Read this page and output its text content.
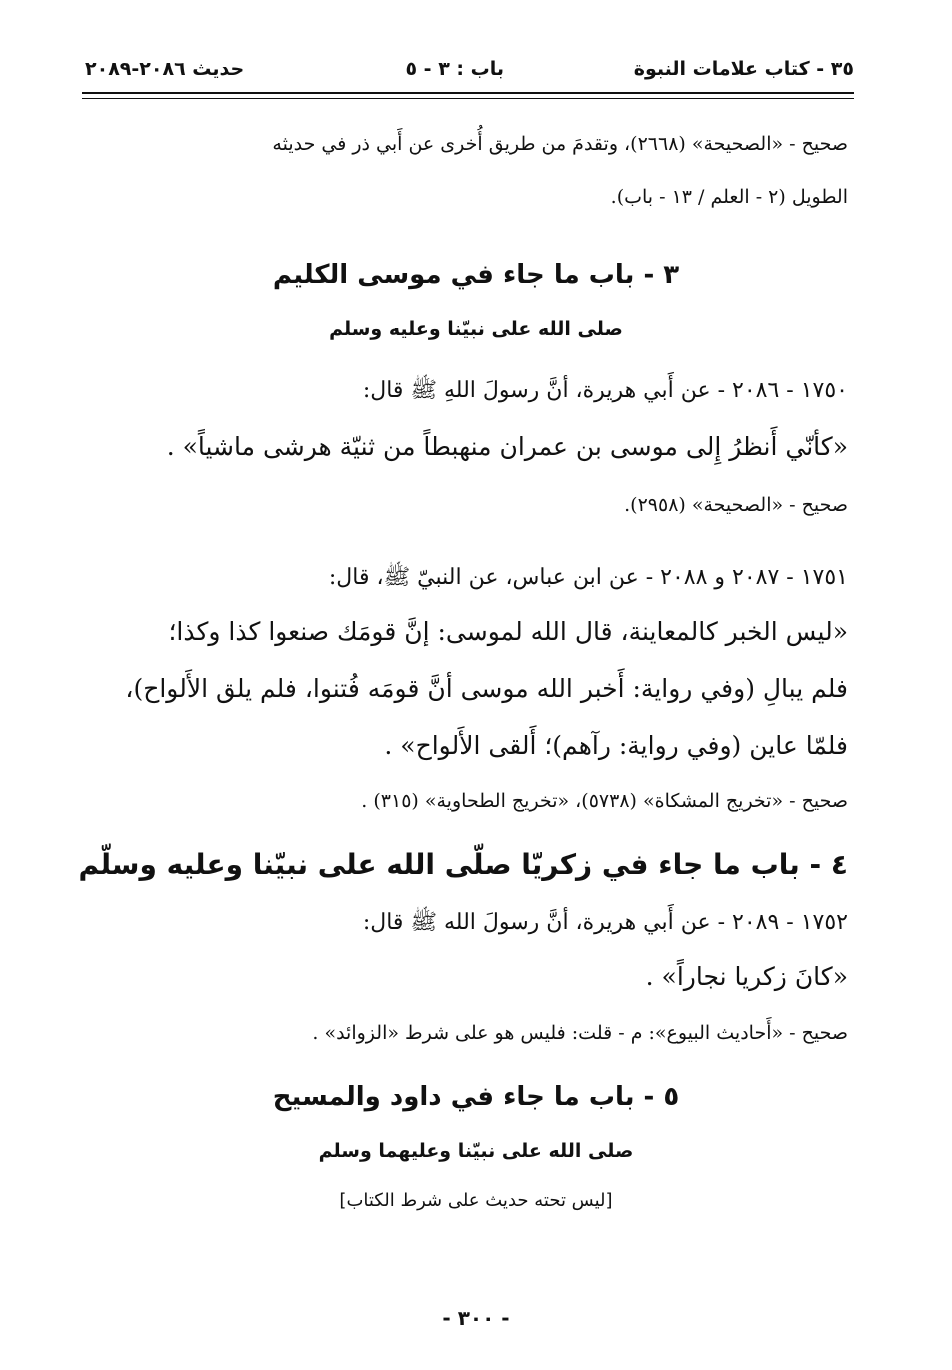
٣٥ - كتاب علامات النبوة
باب : ٣ - ٥
حديث ٢٠٨٦-٢٠٨٩
صحيح - «الصحيحة» (٢٦٦٨)، وتقدمَ من طريق أُخرى عن أَبي ذر في حديثه
الطويل (٢ - العلم / ١٣ - باب).
٣ - باب ما جاء في موسى الكليم
صلى الله على نبيّنا وعليه وسلم
١٧٥٠ - ٢٠٨٦ - عن أَبي هريرة، أنَّ رسولَ اللهِ ﷺ قال:
«كأنّي أَنظرُ إِلى موسى بن عمران منهبطاً من ثنيّة هرشى ماشياً» .
صحيح - «الصحيحة» (٢٩٥٨).
١٧٥١ - ٢٠٨٧ و ٢٠٨٨ - عن ابن عباس، عن النبيّ ﷺ، قال:
«ليس الخبر كالمعاينة، قال الله لموسى: إنَّ قومَك صنعوا كذا وكذا؛
فلم يبالِ (وفي رواية: أَخبر الله موسى أنَّ قومَه فُتنوا، فلم يلق الأَلواح)،
فلمّا عاين (وفي رواية: رآهم)؛ أَلقى الأَلواح» .
صحيح - «تخريج المشكاة» (٥٧٣٨)، «تخريج الطحاوية» (٣١٥) .
٤ - باب ما جاء في زكريّا صلّى الله على نبيّنا وعليه وسلّم
١٧٥٢ - ٢٠٨٩ - عن أَبي هريرة، أنَّ رسولَ الله ﷺ قال:
«كانَ زكريا نجاراً» .
صحيح - «أَحاديث البيوع»: م - قلت: فليس هو على شرط «الزوائد» .
٥ - باب ما جاء في داود والمسيح
صلى الله على نبيّنا وعليهما وسلم
[ليس تحته حديث على شرط الكتاب]
- ٣٠٠ -
